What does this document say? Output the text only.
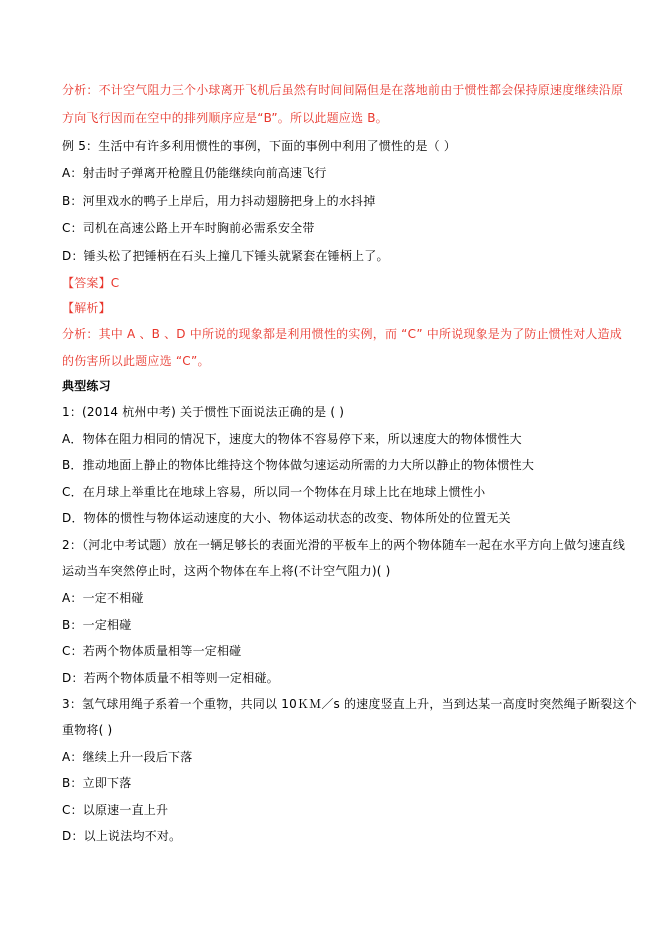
分析：不计空气阻力三个小球离开飞机后虽然有时间间隔但是在落地前由于惯性都会保持原速度继续沿原
方向飞行因而在空中的排列顺序应是“B”。所以此题应选 B。
例 5：生活中有许多利用惯性的事例，下面的事例中利用了惯性的是（ ）
A：射击时子弹离开枪膛且仍能继续向前高速飞行
B：河里戏水的鸭子上岸后，用力抖动翅膀把身上的水抖掉
C：司机在高速公路上开车时胸前必需系安全带
D：锤头松了把锤柄在石头上撞几下锤头就紧套在锤柄上了。
【答案】C
【解析】
分析：其中 A 、B 、D 中所说的现象都是利用惯性的实例，而 “C” 中所说现象是为了防止惯性对人造成
的伤害所以此题应选 “C”。
典型练习
1：(2014 杭州中考) 关于惯性下面说法正确的是 ( )
A．物体在阻力相同的情况下，速度大的物体不容易停下来，所以速度大的物体惯性大
B．推动地面上静止的物体比维持这个物体做匀速运动所需的力大所以静止的物体惯性大
C．在月球上举重比在地球上容易，所以同一个物体在月球上比在地球上惯性小
D．物体的惯性与物体运动速度的大小、物体运动状态的改变、物体所处的位置无关
2：（河北中考试题）放在一辆足够长的表面光滑的平板车上的两个物体随车一起在水平方向上做匀速直线
运动当车突然停止时，这两个物体在车上将(不计空气阻力)( )
A：一定不相碰
B：一定相碰
C：若两个物体质量相等一定相碰
D：若两个物体质量不相等则一定相碰。
3：氢气球用绳子系着一个重物，共同以 10ＫＭ／s 的速度竖直上升，当到达某一高度时突然绳子断裂这个
重物将( )
A：继续上升一段后下落
B：立即下落
C：以原速一直上升
D：以上说法均不对。
